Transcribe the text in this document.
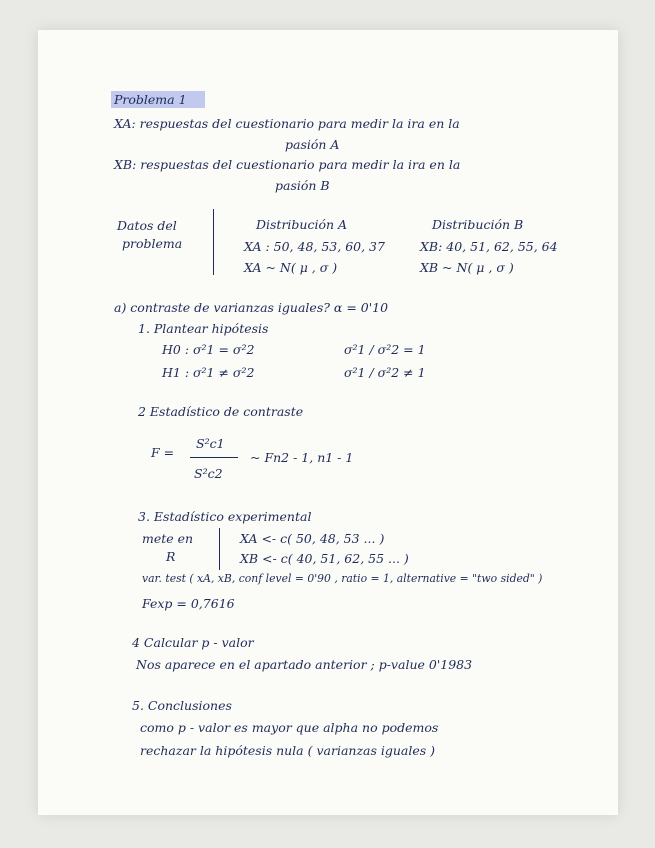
Problema 1

XA: respuestas del cuestionario para medir la ira en la

pasión A

XB: respuestas del cuestionario para medir la ira en la

pasión B

Datos del

problema

Distribución A

XA : 50, 48, 53, 60, 37

XA ~ N( μ , σ )

Distribución B

XB: 40, 51, 62, 55, 64

XB ~ N( μ , σ )

a) contraste de varianzas iguales? α = 0'10

1. Plantear hipótesis

H0 : σ²1 = σ²2	σ²1 / σ²2 = 1

H1 : σ²1 ≠ σ²2	σ²1 / σ²2 ≠ 1

2 Estadístico de contraste

F =

S²c1

S²c2

~ Fn2 - 1, n1 - 1

3. Estadístico experimental

mete en

R

XA <- c( 50, 48, 53 ... )

XB <- c( 40, 51, 62, 55 ... )

var. test ( xA, xB, conf level = 0'90 , ratio = 1, alternative = "two sided" )

Fexp = 0,7616

4 Calcular p - valor

Nos aparece en el apartado anterior ; p-value 0'1983

5. Conclusiones

como p - valor es mayor que alpha no podemos

rechazar la hipótesis nula ( varianzas iguales )
